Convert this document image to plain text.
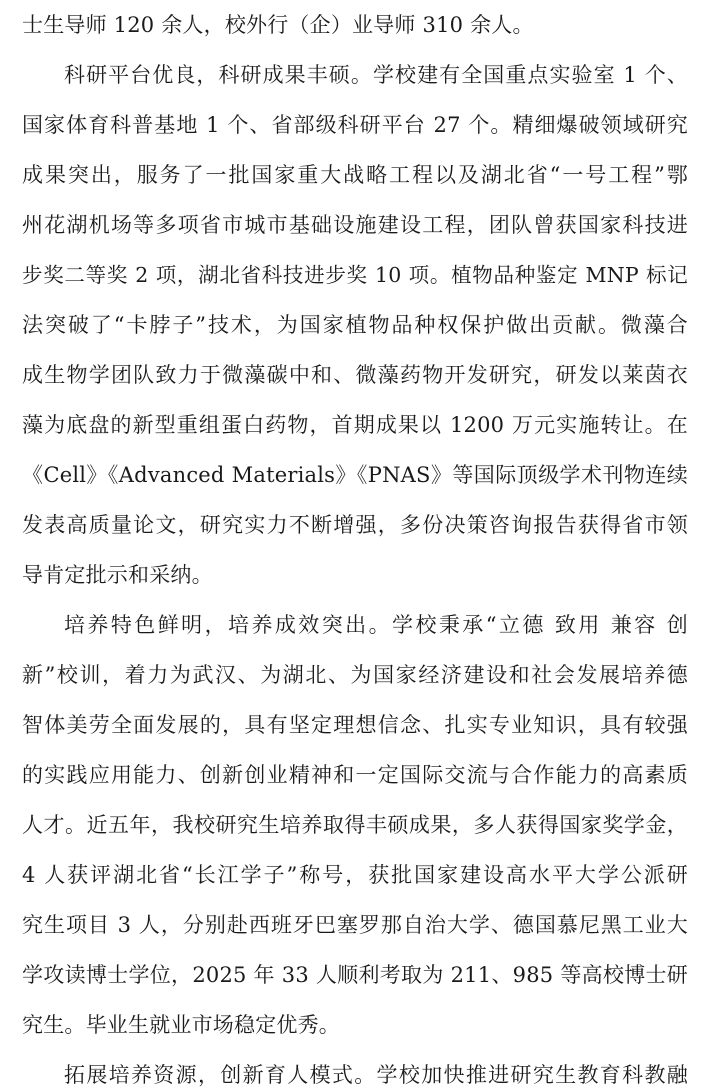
士生导师 120 余人，校外行（企）业导师 310 余人。
科研平台优良，科研成果丰硕。学校建有全国重点实验室 1 个、
国家体育科普基地 1 个、省部级科研平台 27 个。精细爆破领域研究
成果突出，服务了一批国家重大战略工程以及湖北省“一号工程”鄂
州花湖机场等多项省市城市基础设施建设工程，团队曾获国家科技进
步奖二等奖 2 项，湖北省科技进步奖 10 项。植物品种鉴定 MNP 标记
法突破了“卡脖子”技术，为国家植物品种权保护做出贡献。微藻合
成生物学团队致力于微藻碳中和、微藻药物开发研究，研发以莱茵衣
藻为底盘的新型重组蛋白药物，首期成果以 1200 万元实施转让。在
《Cell》《Advanced Materials》《PNAS》等国际顶级学术刊物连续
发表高质量论文，研究实力不断增强，多份决策咨询报告获得省市领
导肯定批示和采纳。
培养特色鲜明，培养成效突出。学校秉承“立德 致用 兼容 创
新”校训，着力为武汉、为湖北、为国家经济建设和社会发展培养德
智体美劳全面发展的，具有坚定理想信念、扎实专业知识，具有较强
的实践应用能力、创新创业精神和一定国际交流与合作能力的高素质
人才。近五年，我校研究生培养取得丰硕成果，多人获得国家奖学金，
4 人获评湖北省“长江学子”称号，获批国家建设高水平大学公派研
究生项目 3 人，分别赴西班牙巴塞罗那自治大学、德国慕尼黑工业大
学攻读博士学位，2025 年 33 人顺利考取为 211、985 等高校博士研
究生。毕业生就业市场稳定优秀。
拓展培养资源，创新育人模式。学校加快推进研究生教育科教融
